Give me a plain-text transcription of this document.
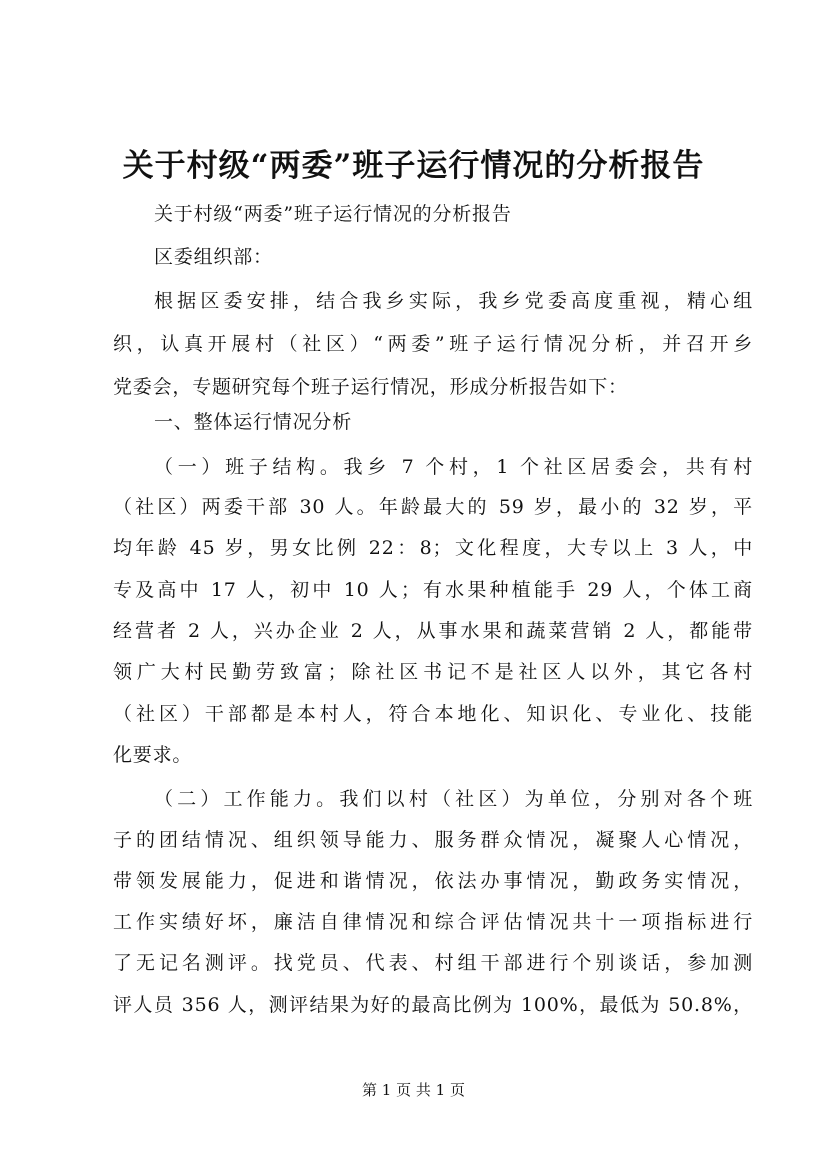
关于村级“两委”班子运行情况的分析报告
关于村级“两委”班子运行情况的分析报告
区委组织部：
根据区委安排，结合我乡实际，我乡党委高度重视，精心组
织，认真开展村（社区）“两委”班子运行情况分析，并召开乡
党委会，专题研究每个班子运行情况，形成分析报告如下：
一、整体运行情况分析
（一）班子结构。我乡 7 个村，1 个社区居委会，共有村
（社区）两委干部 30 人。年龄最大的 59 岁，最小的 32 岁，平
均年龄 45 岁，男女比例 22：8；文化程度，大专以上 3 人，中
专及高中 17 人，初中 10 人；有水果种植能手 29 人，个体工商
经营者 2 人，兴办企业 2 人，从事水果和蔬菜营销 2 人，都能带
领广大村民勤劳致富；除社区书记不是社区人以外，其它各村
（社区）干部都是本村人，符合本地化、知识化、专业化、技能
化要求。
（二）工作能力。我们以村（社区）为单位，分别对各个班
子的团结情况、组织领导能力、服务群众情况，凝聚人心情况，
带领发展能力，促进和谐情况，依法办事情况，勤政务实情况，
工作实绩好坏，廉洁自律情况和综合评估情况共十一项指标进行
了无记名测评。找党员、代表、村组干部进行个别谈话，参加测
评人员 356 人，测评结果为好的最高比例为 100%，最低为 50.8%，
第 1 页 共 1 页
